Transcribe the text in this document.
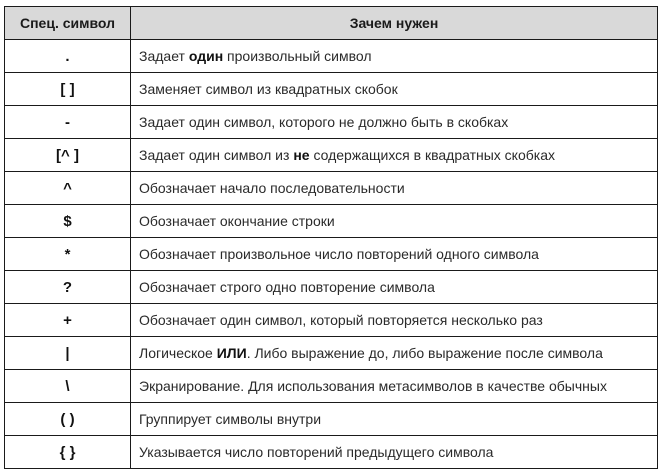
Спец. символ	Зачем нужен
.	Задает один произвольный символ
[ ]	Заменяет символ из квадратных скобок
-	Задает один символ, которого не должно быть в скобках
[^ ]	Задает один символ из не содержащихся в квадратных скобках
^	Обозначает начало последовательности
$	Обозначает окончание строки
*	Обозначает произвольное число повторений одного символа
?	Обозначает строго одно повторение символа
+	Обозначает один символ, который повторяется несколько раз
|	Логическое ИЛИ. Либо выражение до, либо выражение после символа
\	Экранирование. Для использования метасимволов в качестве обычных
( )	Группирует символы внутри
{ }	Указывается число повторений предыдущего символа
